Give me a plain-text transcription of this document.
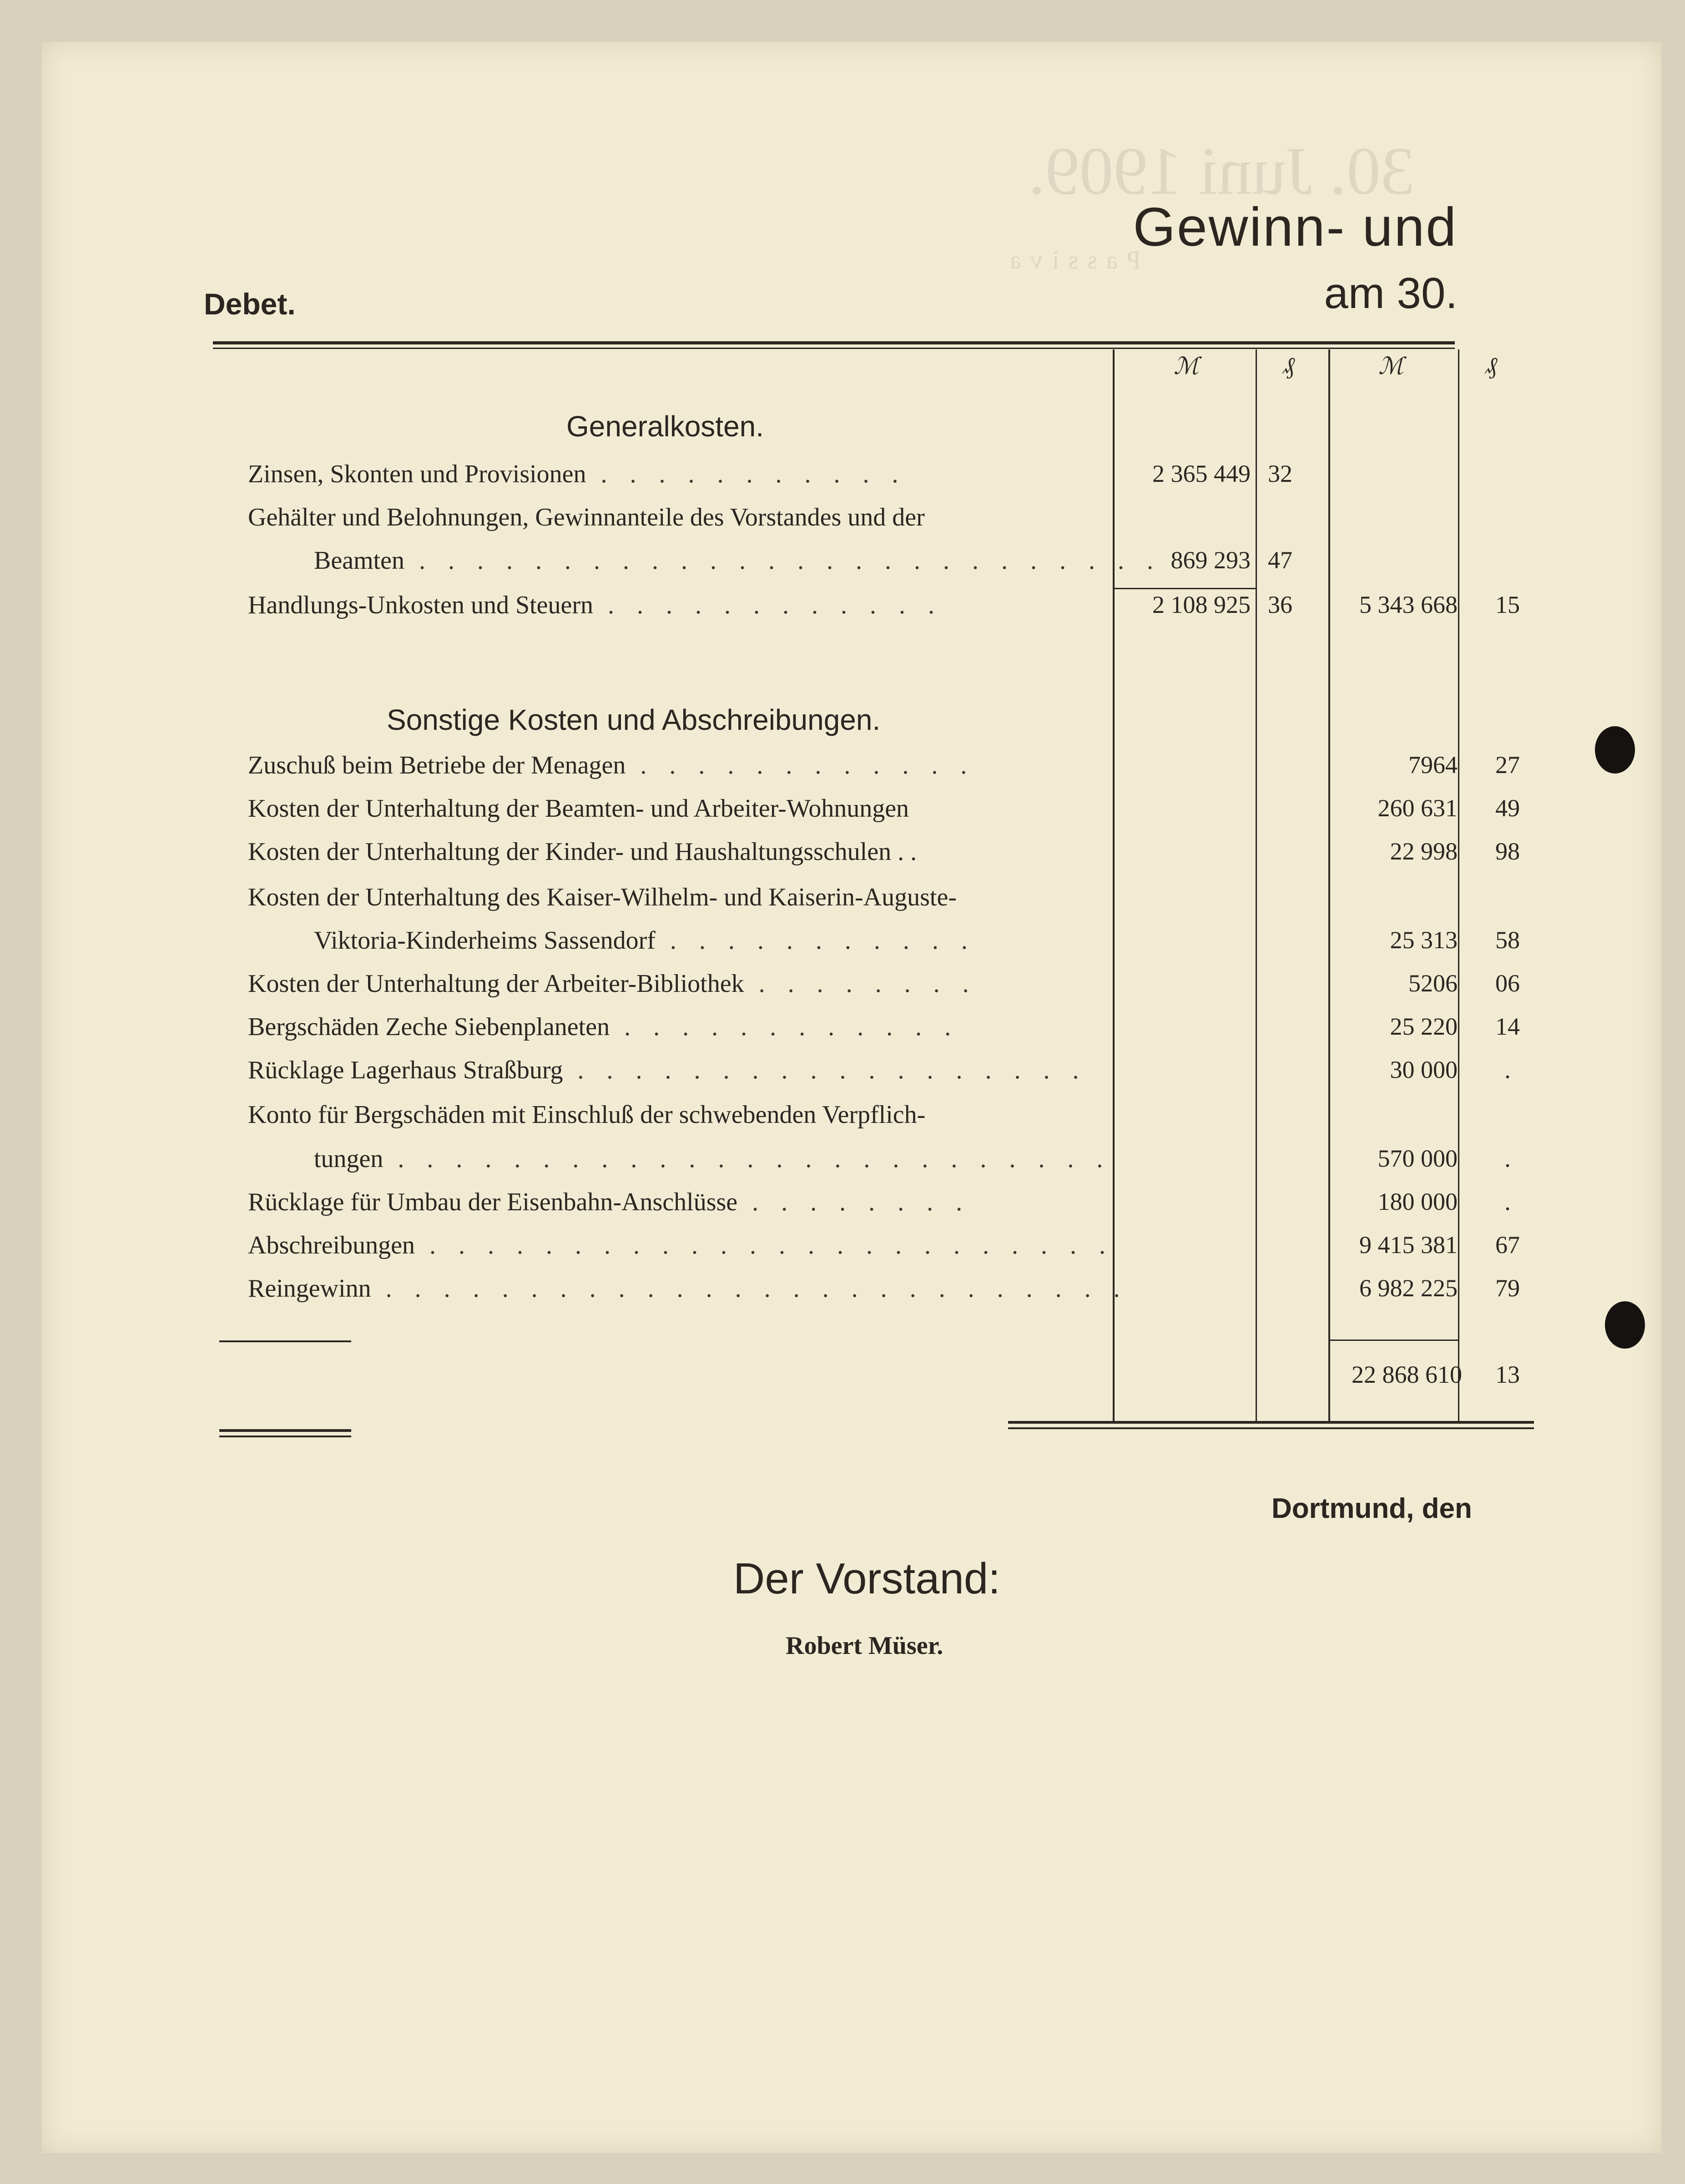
30. Juni 1909.
Passiva
Gewinn- und
am 30.
Debet.
ℳ	₰	ℳ	₰
Generalkosten.
Zinsen, Skonten und Provisionen . . . . . . . . . . .	2 365 449 32
Gehälter und Belohnungen, Gewinnanteile des Vorstandes und der
Beamten . . . . . . . . . . . . . . . . . . . . . . . . . . 869 293 47
Handlungs-Unkosten und Steuern . . . . . . . . . . . .	2 108 925 36	5 343 668	15
Sonstige Kosten und Abschreibungen.
Zuschuß beim Betriebe der Menagen . . . . . . . . . . . .	7964	27
Kosten der Unterhaltung der Beamten- und Arbeiter-Wohnungen	260 631	49
Kosten der Unterhaltung der Kinder- und Haushaltungsschulen . .	22 998	98
Kosten der Unterhaltung des Kaiser-Wilhelm- und Kaiserin-Auguste-
Viktoria-Kinderheims Sassendorf . . . . . . . . . . .	25 313	58
Kosten der Unterhaltung der Arbeiter-Bibliothek . . . . . . . .	5206	06
Bergschäden Zeche Siebenplaneten . . . . . . . . . . . .	25 220	14
Rücklage Lagerhaus Straßburg . . . . . . . . . . . . . . . . . .	30 000	.
Konto für Bergschäden mit Einschluß der schwebenden Verpflich-
tungen . . . . . . . . . . . . . . . . . . . . . . . . .	570 000	.
Rücklage für Umbau der Eisenbahn-Anschlüsse . . . . . . . .	180 000	.
Abschreibungen . . . . . . . . . . . . . . . . . . . . . . . .	9 415 381	67
Reingewinn . . . . . . . . . . . . . . . . . . . . . . . . . .	6 982 225	79
22 868 610	13
Dortmund, den
Der Vorstand:
Robert Müser.
